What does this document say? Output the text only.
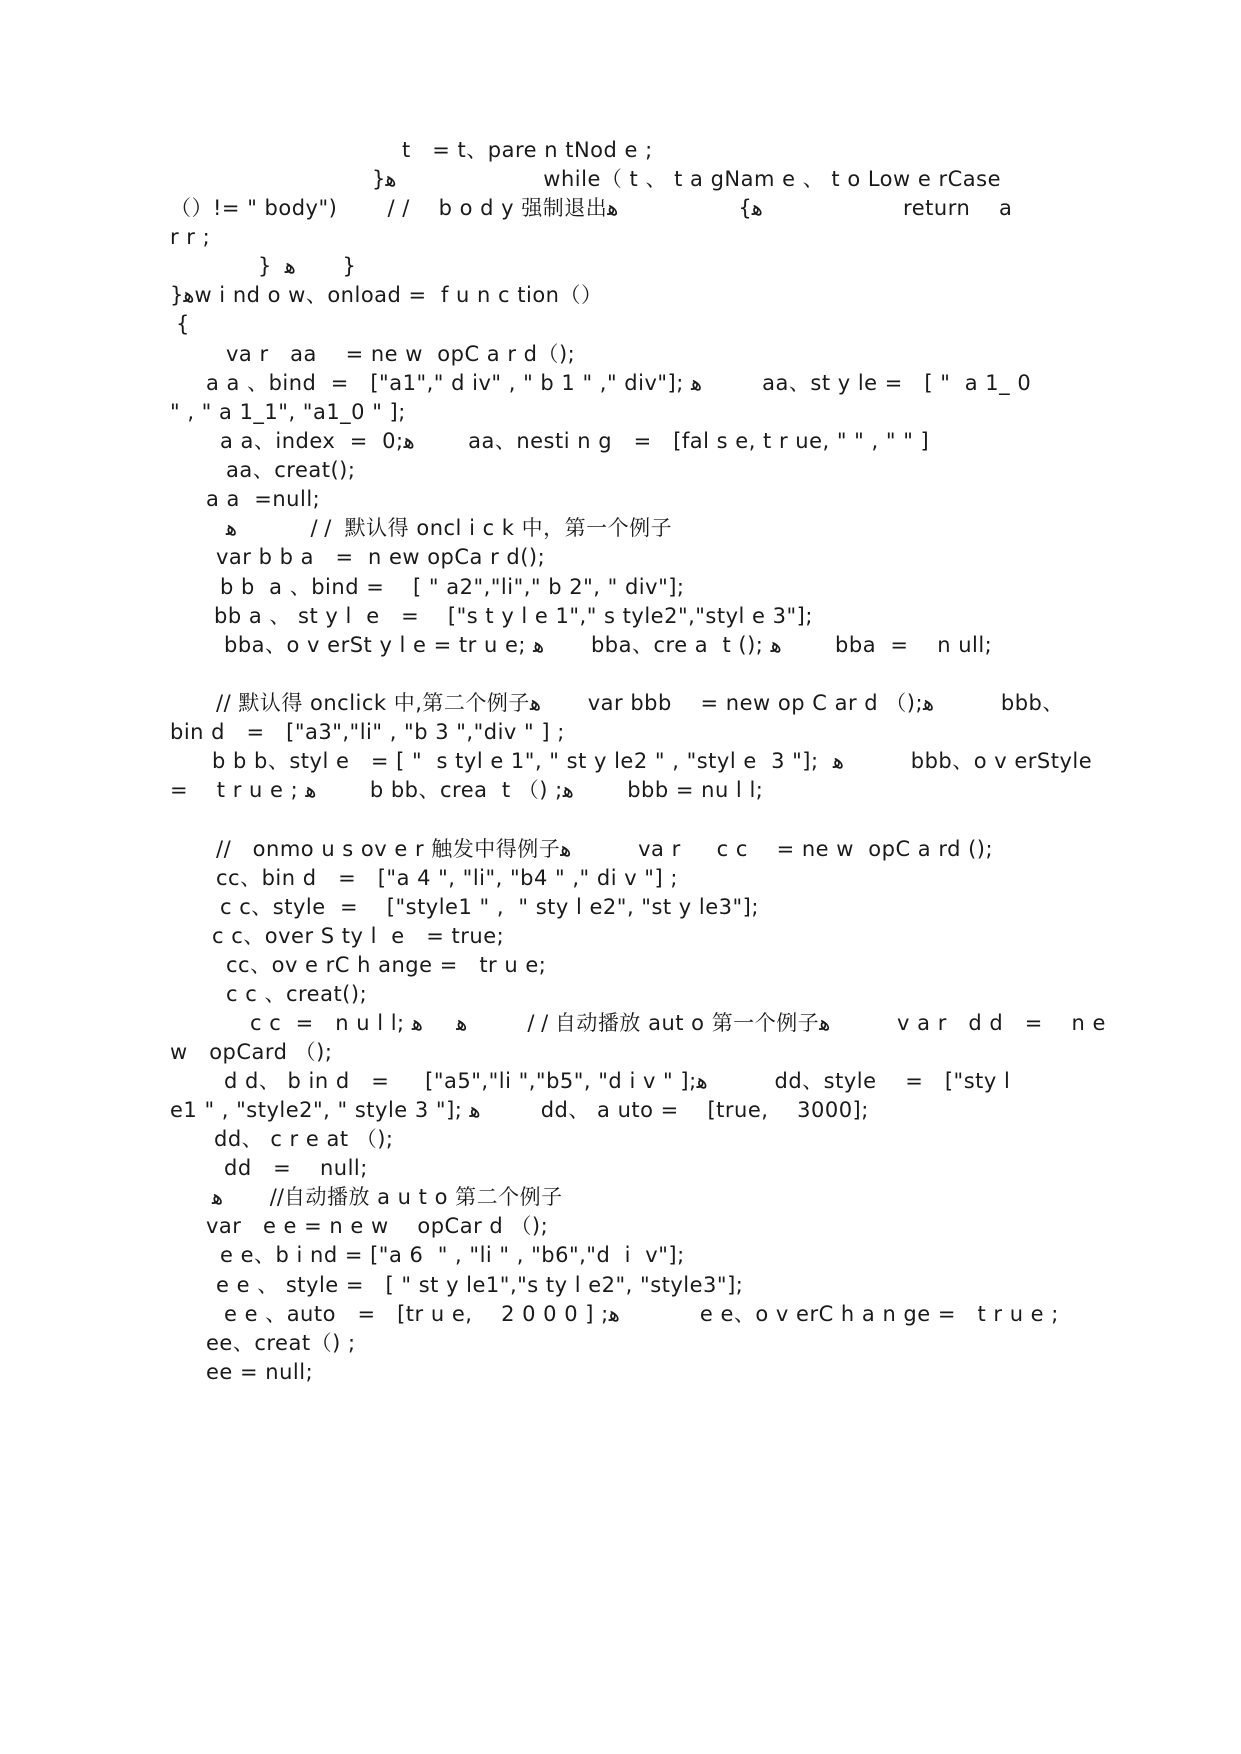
t   = t、pare n tNod e ;
}ﻫ                      while（ t 、 t a gNam e 、 t o Low e rCase
（）!= " body")       / /    b o d y 强制退出ﻫ}                  ﻫ                     return    a
r r ;
}  ﻫ       }
}ﻫw i nd o w、onload =  f u n c tion（）
{
va r   aa    = ne w  opC a r d（);
a a 、bind  =   ["a1"," d iv" , " b 1 " ," div"]; ﻫ         aa、st y le =   [ "  a 1_ 0
" , " a 1_1", "a1_0 " ];
a a、index  =  0;ﻫ        aa、nesti n g   =   [fal s e, t r ue, " " , " " ]
aa、creat();
a a  =null;
ﻫ           / /  默认得 oncl i c k 中，第一个例子
var b b a   =  n ew opCa r d();
b b  a 、bind =    [ " a2","li"," b 2", " div"];
bb a 、 st y l  e   =    ["s t y l e 1"," s tyle2","styl e 3"];
bba、o v erSt y l e = tr u e; ﻫ       bba、cre a  t (); ﻫ        bba  =    n ull;
// 默认得 onclick 中,第二个例子ﻫ       var bbb    = new op C ar d （);ﻫ          bbb、
bin d   =   ["a3","li" , "b 3 ","div " ] ;
b b b、styl e   = [ "  s tyl e 1", " st y le2 " , "styl e  3 "];  ﻫ          bbb、o v erStyle
=    t r u e ; ﻫ        b bb、crea  t （) ;ﻫ        bbb = nu l l;
//   onmo u s ov e r 触发中得例子ﻫ          va r     c c    = ne w  opC a rd ();
cc、bin d   =   ["a 4 ", "li", "b4 " ," di v "] ;
c c、style  =    ["style1 " ,  " sty l e2", "st y le3"];
c c、over S ty l  e   = true;
cc、ov e rC h ange =   tr u e;
c c 、creat();
c c  =   n u l l; ﻫ     ﻫ         / / 自动播放 aut o 第一个例子ﻫ          v a r   d d   =    n e
w   opCard （);
d d、 b in d   =     ["a5","li ","b5", "d i v " ];ﻫ          dd、style    =   ["sty l
e1 " , "style2", " style 3 "]; ﻫ         dd、 a uto =    [true,    3000];
dd、 c r e at （);
dd   =    null;
ﻫ       //自动播放 a u t o 第二个例子
var   e e = n e w    opCar d （);
e e、b i nd = ["a 6  " , "li " , "b6","d  i  v"];
e e 、 style =   [ " st y le1","s ty l e2", "style3"];
e e 、auto   =   [tr u e,    2 0 0 0 ] ;ﻫ            e e、o v erC h a n ge =   t r u e ;
ee、creat（) ;
ee = null;
